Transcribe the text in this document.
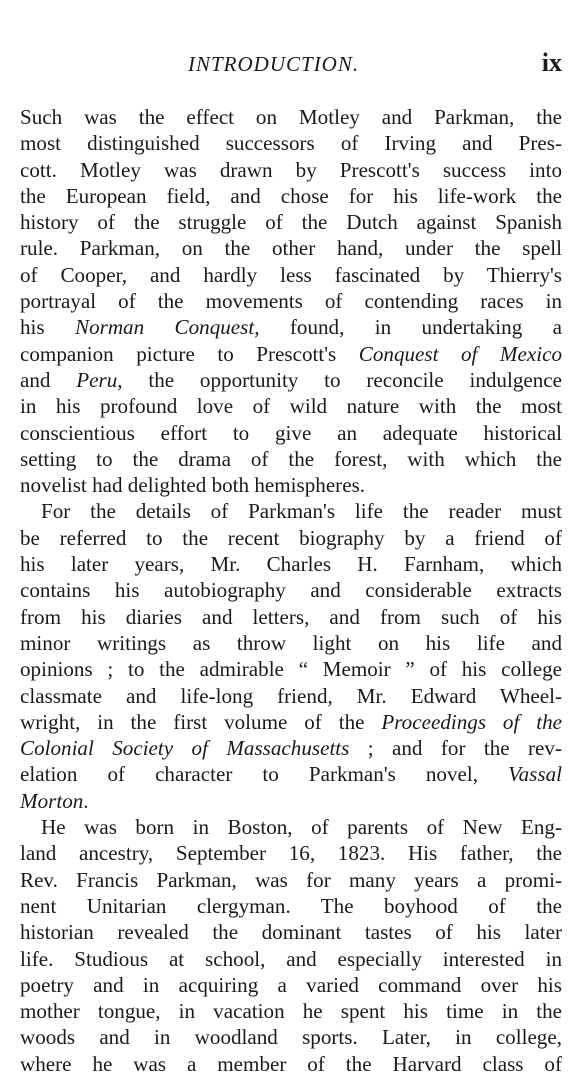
INTRODUCTION.	ix
Such was the effect on Motley and Parkman, the
most distinguished successors of Irving and Pres-
cott. Motley was drawn by Prescott's success into
the European field, and chose for his life-work the
history of the struggle of the Dutch against Spanish
rule. Parkman, on the other hand, under the spell
of Cooper, and hardly less fascinated by Thierry's
portrayal of the movements of contending races in
his Norman Conquest, found, in undertaking a
companion picture to Prescott's Conquest of Mexico
and Peru, the opportunity to reconcile indulgence
in his profound love of wild nature with the most
conscientious effort to give an adequate historical
setting to the drama of the forest, with which the
novelist had delighted both hemispheres.
For the details of Parkman's life the reader must
be referred to the recent biography by a friend of
his later years, Mr. Charles H. Farnham, which
contains his autobiography and considerable extracts
from his diaries and letters, and from such of his
minor writings as throw light on his life and
opinions ; to the admirable “ Memoir ” of his college
classmate and life-long friend, Mr. Edward Wheel-
wright, in the first volume of the Proceedings of the
Colonial Society of Massachusetts ; and for the rev-
elation of character to Parkman's novel, Vassal
Morton.
He was born in Boston, of parents of New Eng-
land ancestry, September 16, 1823. His father, the
Rev. Francis Parkman, was for many years a promi-
nent Unitarian clergyman. The boyhood of the
historian revealed the dominant tastes of his later
life. Studious at school, and especially interested in
poetry and in acquiring a varied command over his
mother tongue, in vacation he spent his time in the
woods and in woodland sports. Later, in college,
where he was a member of the Harvard class of
